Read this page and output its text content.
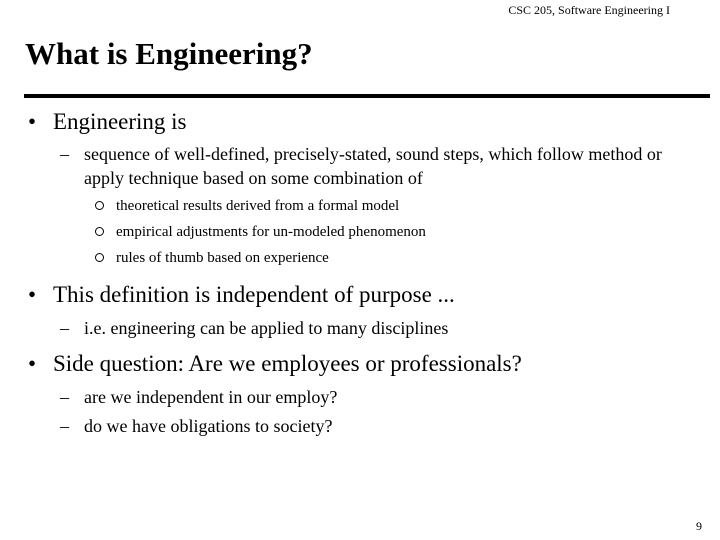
CSC 205, Software Engineering I
What is Engineering?
• Engineering is
– sequence of well-defined, precisely-stated, sound steps, which follow method or apply technique based on some combination of
theoretical results derived from a formal model
empirical adjustments for un-modeled phenomenon
rules of thumb based on experience
• This definition is independent of purpose ...
– i.e. engineering can be applied to many disciplines
• Side question: Are we employees or professionals?
– are we independent in our employ?
– do we have obligations to society?
9
